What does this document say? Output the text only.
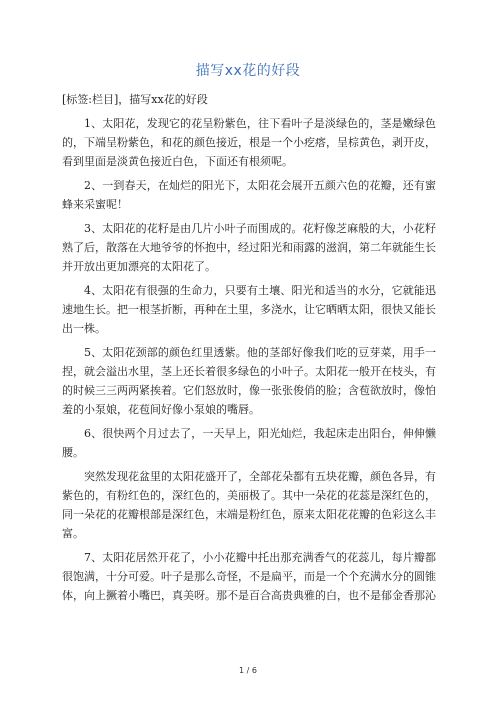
描写xx花的好段

[标签:栏目]，描写xx花的好段

1、太阳花，发现它的花呈粉紫色，往下看叶子是淡绿色的，茎是嫩绿色的，下端呈粉紫色，和花的颜色接近，根是一个小疙瘩，呈棕黄色，剥开皮，看到里面是淡黄色接近白色，下面还有根须呢。

2、一到春天，在灿烂的阳光下，太阳花会展开五颜六色的花瓣，还有蜜蜂来采蜜呢！

3、太阳花的花籽是由几片小叶子而围成的。花籽像芝麻般的大，小花籽熟了后，散落在大地爷爷的怀抱中，经过阳光和雨露的滋润，第二年就能生长并开放出更加漂亮的太阳花了。

4、太阳花有很强的生命力，只要有土壤、阳光和适当的水分，它就能迅速地生长。把一根茎折断，再种在土里，多浇水，让它晒晒太阳，很快又能长出一株。

5、太阳花颈部的颜色红里透紫。他的茎部好像我们吃的豆芽菜，用手一捏，就会溢出水里，茎上还长着很多绿色的小叶子。太阳花一般开在枝头，有的时候三三两两紧挨着。它们怒放时，像一张张俊俏的脸；含苞欲放时，像怕羞的小泵娘，花苞间好像小泵娘的嘴唇。

6、很快两个月过去了，一天早上，阳光灿烂，我起床走出阳台，伸伸懒腰。

突然发现花盆里的太阳花盛开了，全部花朵都有五块花瓣，颜色各异，有紫色的，有粉红色的，深红色的，美丽极了。其中一朵花的花蕊是深红色的，同一朵花的花瓣根部是深红色，末端是粉红色，原来太阳花花瓣的色彩这么丰富。

7、太阳花居然开花了，小小花瓣中托出那充满香气的花蕊儿，每片瓣都很饱满，十分可爱。叶子是那么奇怪，不是扁平，而是一个个充满水分的圆锥体，向上撅着小嘴巴，真美呀。那不是百合高贵典雅的白，也不是郁金香那沁

1 / 6
